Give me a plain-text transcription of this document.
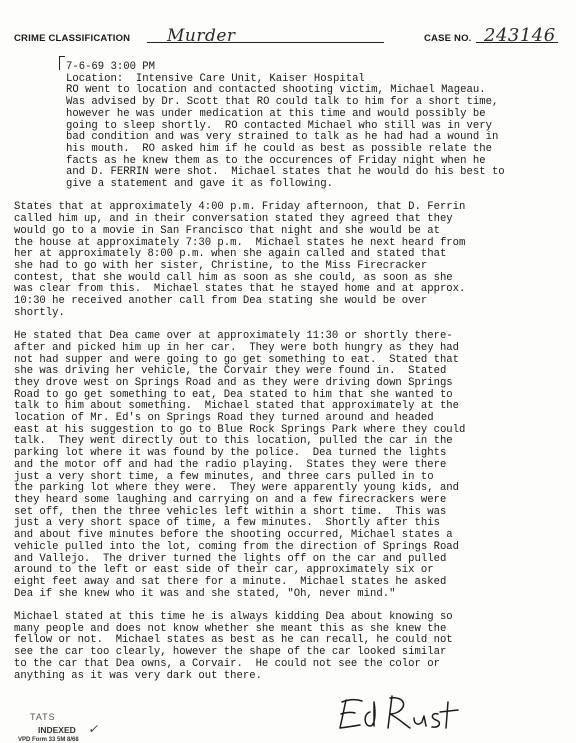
CRIME CLASSIFICATION Murder	CASE NO. 243146
7-6-69 3:00 PM
Location:  Intensive Care Unit, Kaiser Hospital
RO went to location and contacted shooting victim, Michael Mageau.
Was advised by Dr. Scott that RO could talk to him for a short time,
however he was under medication at this time and would possibly be
going to sleep shortly.  RO contacted Michael who still was in very
bad condition and was very strained to talk as he had had a wound in
his mouth.  RO asked him if he could as best as possible relate the
facts as he knew them as to the occurences of Friday night when he
and D. FERRIN were shot.  Michael states that he would do his best to
give a statement and gave it as following.
States that at approximately 4:00 p.m. Friday afternoon, that D. Ferrin
called him up, and in their conversation stated they agreed that they
would go to a movie in San Francisco that night and she would be at
the house at approximately 7:30 p.m.  Michael states he next heard from
her at approximately 8:00 p.m. when she again called and stated that
she had to go with her sister, Christine, to the Miss Firecracker
contest, that she would call him as soon as she could, as soon as she
was clear from this.  Michael states that he stayed home and at approx.
10:30 he received another call from Dea stating she would be over
shortly.
He stated that Dea came over at approximately 11:30 or shortly there-
after and picked him up in her car.  They were both hungry as they had
not had supper and were going to go get something to eat.  Stated that
she was driving her vehicle, the Corvair they were found in.  Stated
they drove west on Springs Road and as they were driving down Springs
Road to go get something to eat, Dea stated to him that she wanted to
talk to him about something.  Michael stated that approximately at the
location of Mr. Ed's on Springs Road they turned around and headed
east at his suggestion to go to Blue Rock Springs Park where they could
talk.  They went directly out to this location, pulled the car in the
parking lot where it was found by the police.  Dea turned the lights
and the motor off and had the radio playing.  States they were there
just a very short time, a few minutes, and three cars pulled in to
the parking lot where they were.  They were apparently young kids, and
they heard some laughing and carrying on and a few firecrackers were
set off, then the three vehicles left within a short time.  This was
just a very short space of time, a few minutes.  Shortly after this
and about five minutes before the shooting occurred, Michael states a
vehicle pulled into the lot, coming from the direction of Springs Road
and Vallejo.  The driver turned the lights off on the car and pulled
around to the left or east side of their car, approximately six or
eight feet away and sat there for a minute.  Michael states he asked
Dea if she knew who it was and she stated, "Oh, never mind."
Michael stated at this time he is always kidding Dea about knowing so
many people and does not know whether she meant this as she knew the
fellow or not.  Michael states as best as he can recall, he could not
see the car too clearly, however the shape of the car looked similar
to the car that Dea owns, a Corvair.  He could not see the color or
anything as it was very dark out there.
TATS
INDEXED ✓
VPD Form 33 5M 8/68
